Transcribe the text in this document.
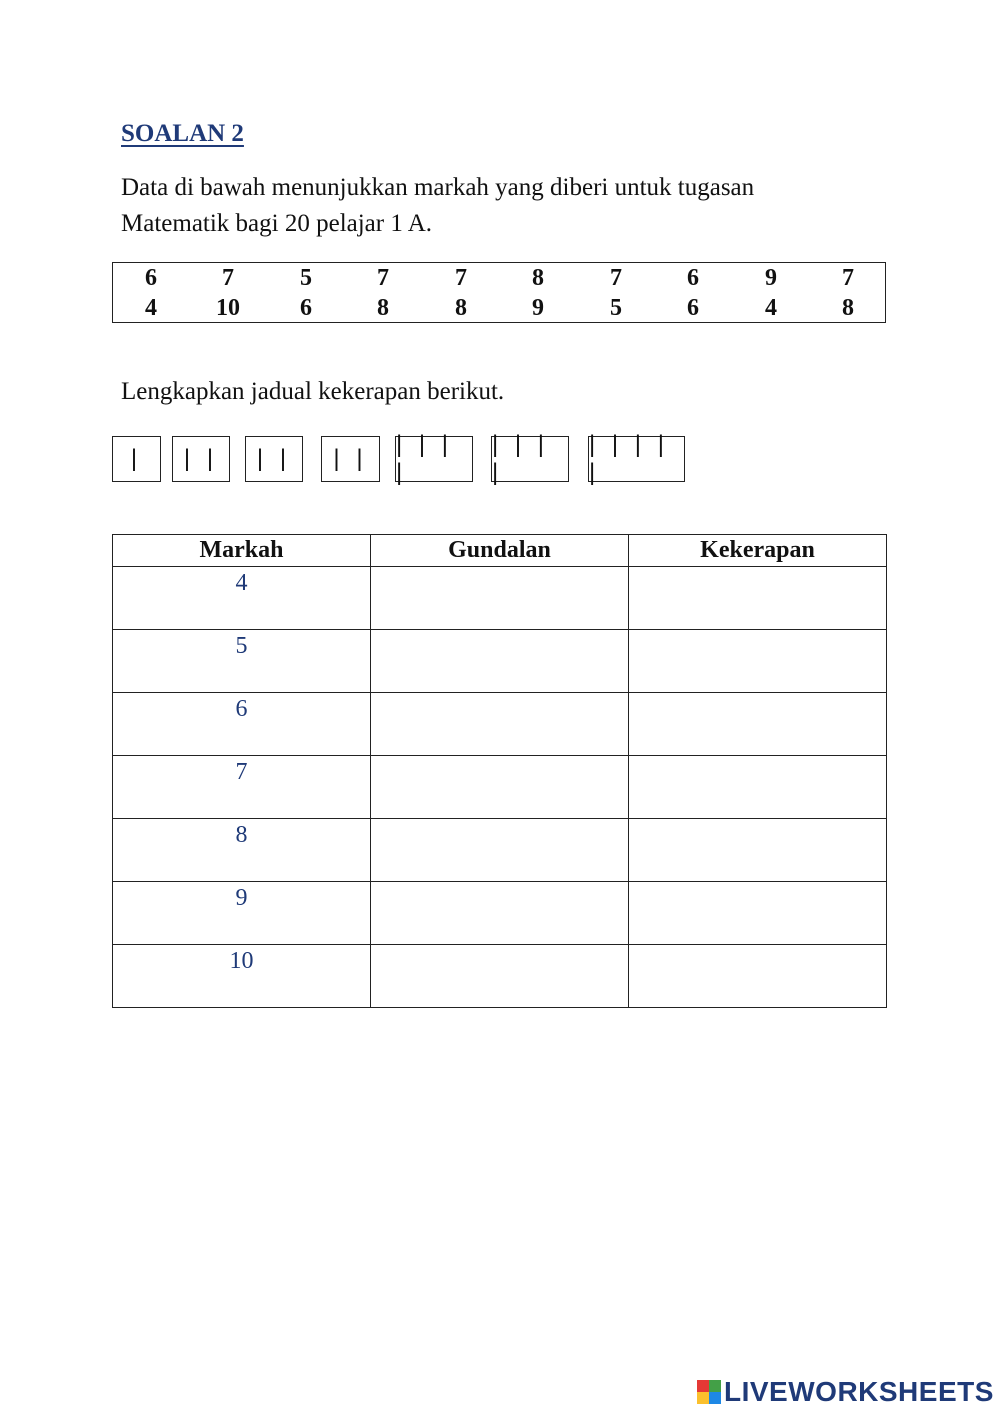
SOALAN 2
Data di bawah menunjukkan markah yang diberi untuk tugasan
Matematik bagi 20 pelajar 1 A.
6	7	5	7	7	8	7	6	9	7
4	10	6	8	8	9	5	6	4	8
Lengkapkan jadual kekerapan berikut.
|	| |	| |	| |
| | | |
| | | |
| | | | |
Markah	Gundalan	Kekerapan
4		
5		
6		
7		
8		
9		
10		
LIVEWORKSHEETS
